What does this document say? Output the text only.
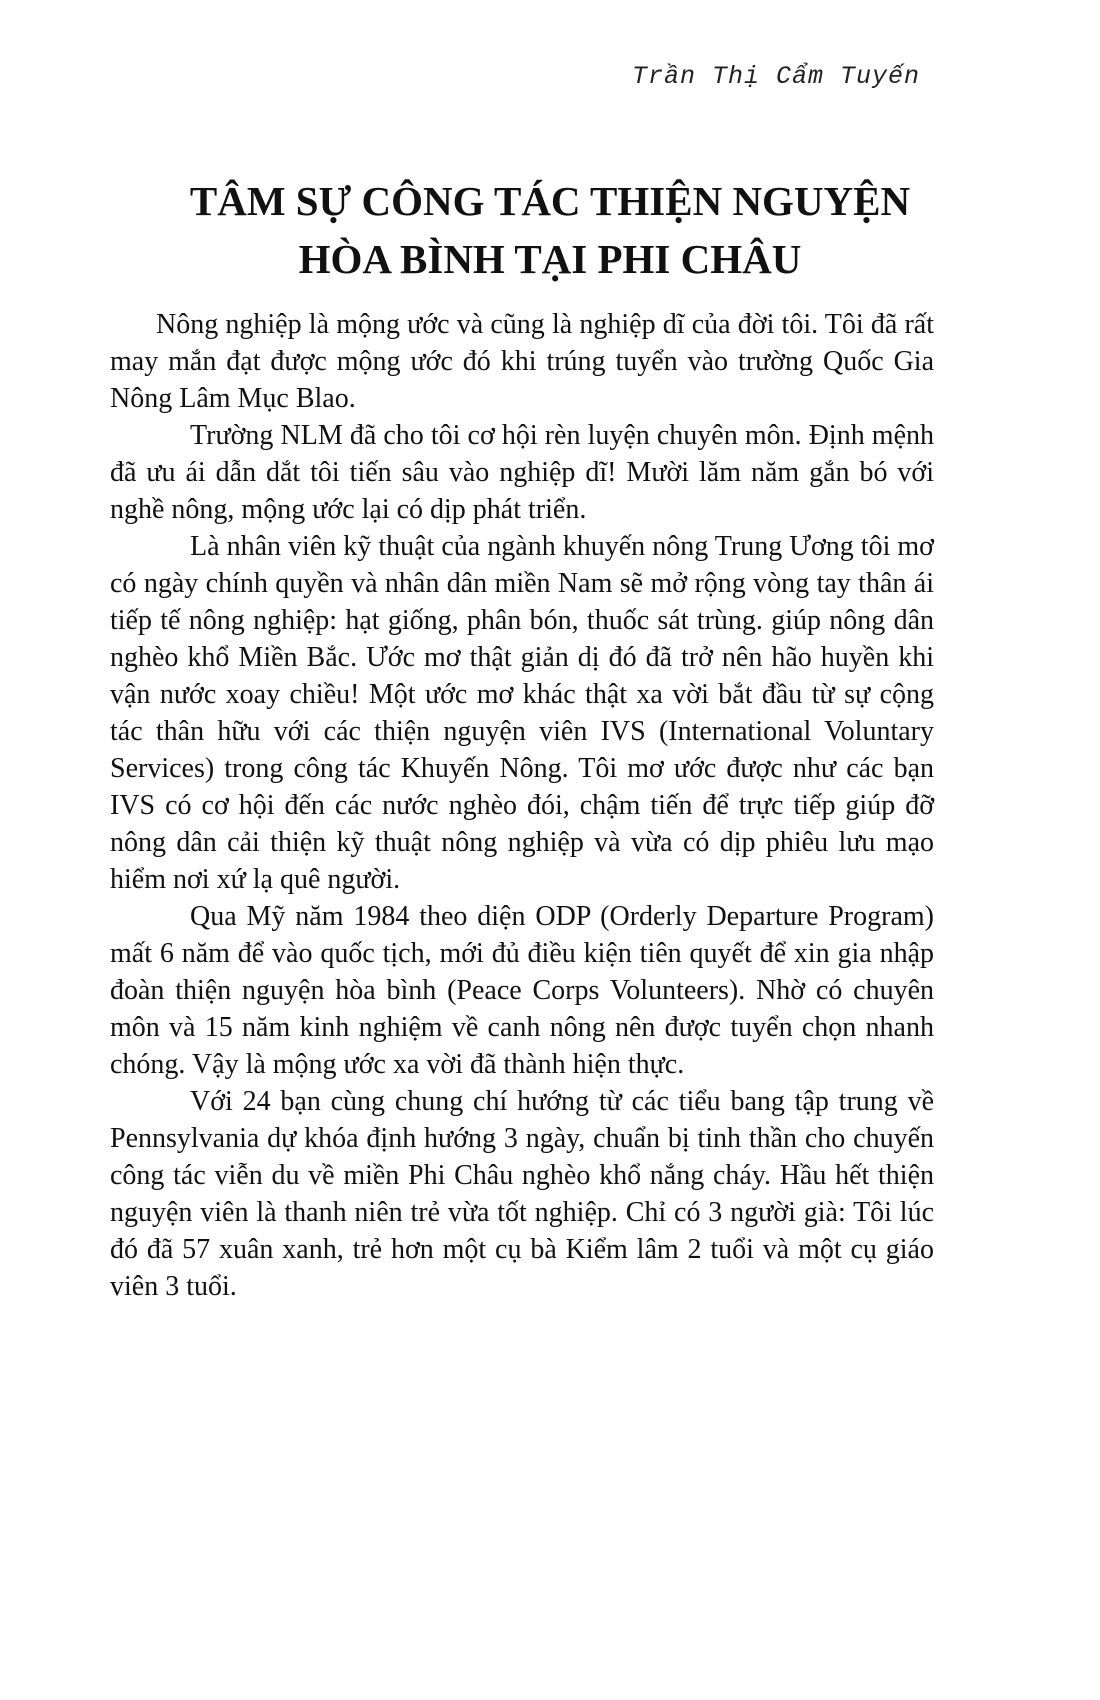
Trần Thị Cẩm Tuyến

TÂM SỰ CÔNG TÁC THIỆN NGUYỆN
HÒA BÌNH TẠI PHI CHÂU

Nông nghiệp là mộng ước và cũng là nghiệp dĩ của đời tôi. Tôi đã rất may mắn đạt được mộng ước đó khi trúng tuyển vào trường Quốc Gia Nông Lâm Mục Blao.

Trường NLM đã cho tôi cơ hội rèn luyện chuyên môn. Định mệnh đã ưu ái dẫn dắt tôi tiến sâu vào nghiệp dĩ! Mười lăm năm gắn bó với nghề nông, mộng ước lại có dịp phát triển.

Là nhân viên kỹ thuật của ngành khuyến nông Trung Ương tôi mơ có ngày chính quyền và nhân dân miền Nam sẽ mở rộng vòng tay thân ái tiếp tế nông nghiệp: hạt giống, phân bón, thuốc sát trùng. giúp nông dân nghèo khổ Miền Bắc. Ước mơ thật giản dị đó đã trở nên hão huyền khi vận nước xoay chiều! Một ước mơ khác thật xa vời bắt đầu từ sự cộng tác thân hữu với các thiện nguyện viên IVS (International Voluntary Services) trong công tác Khuyến Nông. Tôi mơ ước được như các bạn IVS có cơ hội đến các nước nghèo đói, chậm tiến để trực tiếp giúp đỡ nông dân cải thiện kỹ thuật nông nghiệp và vừa có dịp phiêu lưu mạo hiểm nơi xứ lạ quê người.

Qua Mỹ năm 1984 theo diện ODP (Orderly Departure Program) mất 6 năm để vào quốc tịch, mới đủ điều kiện tiên quyết để xin gia nhập đoàn thiện nguyện hòa bình (Peace Corps Volunteers). Nhờ có chuyên môn và 15 năm kinh nghiệm về canh nông nên được tuyển chọn nhanh chóng. Vậy là mộng ước xa vời đã thành hiện thực.

Với 24 bạn cùng chung chí hướng từ các tiểu bang tập trung về Pennsylvania dự khóa định hướng 3 ngày, chuẩn bị tinh thần cho chuyến công tác viễn du về miền Phi Châu nghèo khổ nắng cháy. Hầu hết thiện nguyện viên là thanh niên trẻ vừa tốt nghiệp. Chỉ có 3 người già: Tôi lúc đó đã 57 xuân xanh, trẻ hơn một cụ bà Kiểm lâm 2 tuổi và một cụ giáo viên 3 tuổi.
